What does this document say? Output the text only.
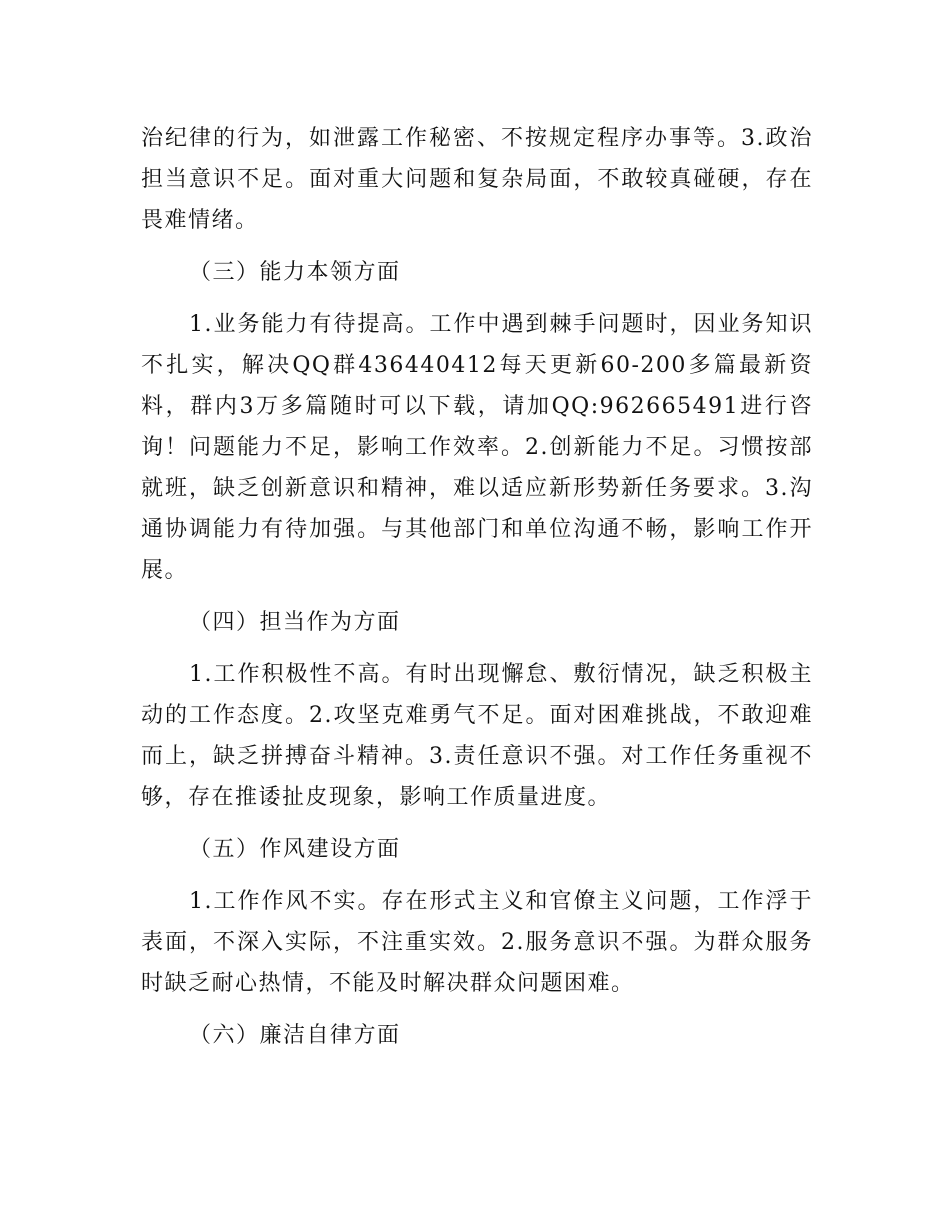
治纪律的行为，如泄露工作秘密、不按规定程序办事等。3.政治担当意识不足。面对重大问题和复杂局面，不敢较真碰硬，存在畏难情绪。

（三）能力本领方面

1.业务能力有待提高。工作中遇到棘手问题时，因业务知识不扎实，解决QQ群436440412每天更新60-200多篇最新资料，群内3万多篇随时可以下载，请加QQ:962665491进行咨询！问题能力不足，影响工作效率。2.创新能力不足。习惯按部就班，缺乏创新意识和精神，难以适应新形势新任务要求。3.沟通协调能力有待加强。与其他部门和单位沟通不畅，影响工作开展。

（四）担当作为方面

1.工作积极性不高。有时出现懈怠、敷衍情况，缺乏积极主动的工作态度。2.攻坚克难勇气不足。面对困难挑战，不敢迎难而上，缺乏拼搏奋斗精神。3.责任意识不强。对工作任务重视不够，存在推诿扯皮现象，影响工作质量进度。

（五）作风建设方面

1.工作作风不实。存在形式主义和官僚主义问题，工作浮于表面，不深入实际，不注重实效。2.服务意识不强。为群众服务时缺乏耐心热情，不能及时解决群众问题困难。

（六）廉洁自律方面
